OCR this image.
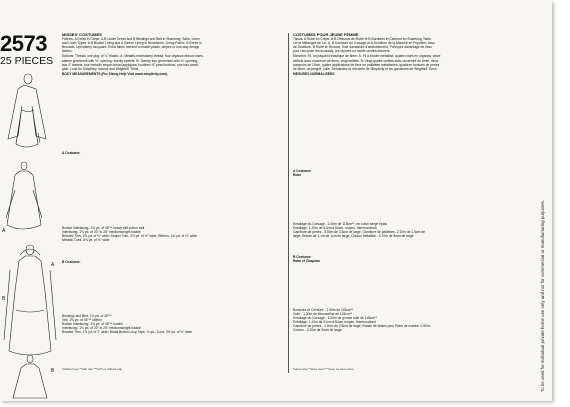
2573
25 PIECES
A
B
A
B
MISSES' COSTUMES
Fabrics: A Dress in Crepe. A,B Under Dress and B Bindings and Belt in Shantung; Satin, Linen
and Linen Types. A,B Bodice Lining and A Sleeve Lining in Broadcloth, Lining Fabric. B Dress in
Brocade, Upholstery Jacquard. Extra fabric needed to match plaids, stripes or one-way design
fabrics.
Notions: Thread, one pkg. of ¼" elastic. A: Metallic embroidery thread, four organza ribbon roses,
sateen grommets with ⅜" opening, twenty eyelets. B: Twenty four grommets with ⅜" opening,
two 4" tassels, four metallic sequin bridal appliques, fourteen ⅜" pearl buttons, one hair comb,
glue. Look for Simplicity notions and Wrights® Trims.
BODY MEASUREMENTS (For Sizing Help Visit www.simplicity.com)
A Costume:
Bodice Interfacing- 1⅛ yd. of 45"** heavy stiff cotton twill
Interfacing- 1⅛ yd. of 20" to 25" mediumweight fusible
Beaded Trim- 2⅜ yd. of ⅜" wide; Sequin Trim- 2⅜ yd. of ⅜" wide; Ribbon- 1⅛ yd. of ⅜" wide;
Metallic Cord- 6⅝ yd. of ⅛" wide
B Costume:
Bindings and Belt- 1⅛ yd. of 45"**
Veil- 1⅜ yd. of 45"** chiffon
Bodice Interfacing- 1⅛ yd. of 45"** muslin
Interfacing- 1⅛ yd. of 20" to 25" mediumweight fusible
Beaded Trim- 1⅝ yd. of 1" wide; Bridal Button Loop Tape- ⅜ yd.; Cord- 3½ yd. of ⅛" wide
*without nap **with nap ***with or without nap
COSTUMES POUR JEUNE FEMME
Tissus: A Robe en Crêpe. A,B Dessous-de-Robe et B Bordures et Ceinture en Shantung, Satin,
Lin et Mélanges de Lin. A, B Doublure du Corsage et A Doublure de la Manche en Popeline, tissu
de Doublure. B Robe en Brocart, Soie damassée d'ameublement. Prévoyez davantage de tissu
pour raccorder les écossais, les rayures ou motifs unidirectionnels.
Mercerie: Fil, un paquet d'élastique de 6mm. A: Fil à broder métallisé, quatre roses en organza, seize
oeillets avec ouverture de 6mm, vingt oeillets. B: Vingt-quatre oeillets avec ouverture de 6mm, deux
pompons de 10cm, quatre applications de fleur en paillettes métallisées, quatorze boutons de perles
de 6mm, un peigne, colle. Demandez la mercerie de Simplicity et les garnitures de Wrights® Trims.
MESURES NORMALISÉES
A Costume:
Robe
Entoilage du Corsage - 1.00m de 115cm**, en coton sergé épais
Entoilage- 1.10m de 51cm à 64cm, moyen, thermocollant
Garniture de perles - 3.00m de 3.8cm de large; Garniture de paillettes- 2.10m de 1.5cm de
large; Ruban de 1.1m de 1cm de large; Cordon Métallisé - 5.70m de 3mm de large
B Costume:
Robe et Chapeau
Bordures et Ceinture - 1.00m de 115cm**
Voile - 1.30m de Mousseline de 115cm**
Entoilage du Corsage - 1.20m de grosse toile de 115cm**
Entoilage- 1.10m de 51cm à 64cm moyen, thermocollant
Garniture de perles - 1.60m de 2.5cm de large; Ruban de brides pour Robe de mariée- 0.50m;
Cordon - 3.20m de 3mm de large
*sans sens **avec sens ***avec ou sans sens	To be used for individual private home use only and not for commercial or manufacturing purposes.
